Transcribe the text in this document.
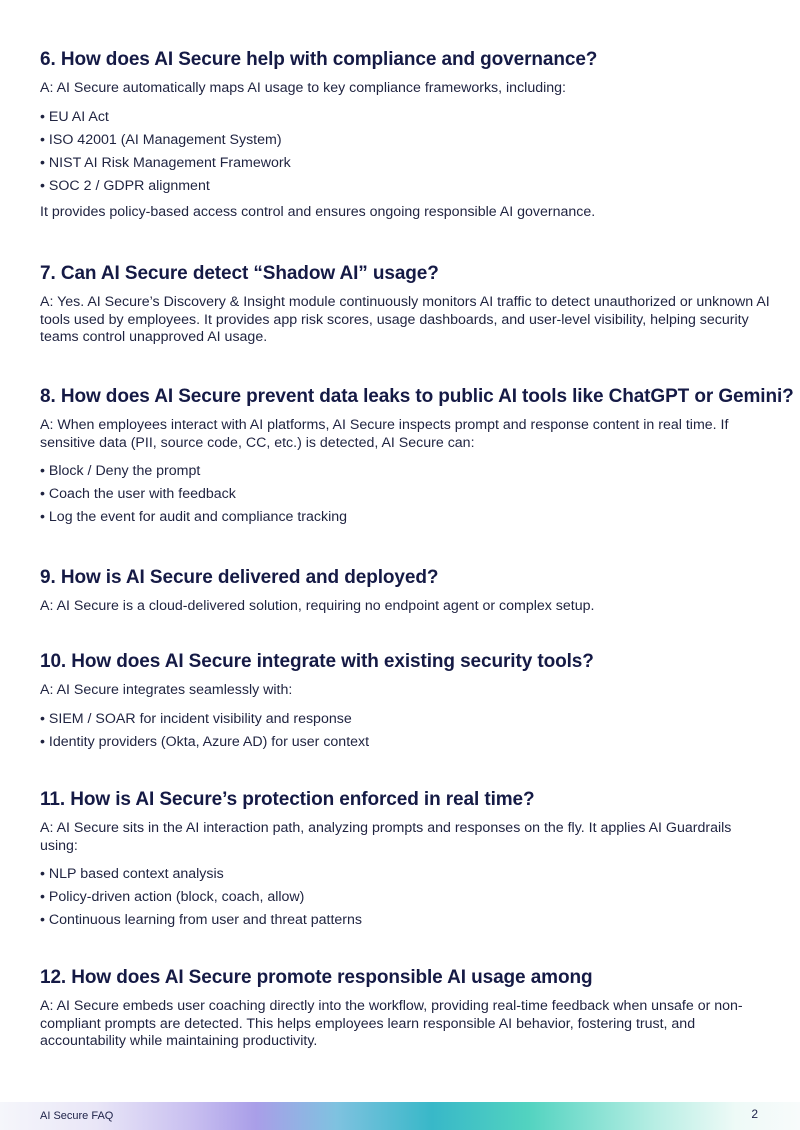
6. How does AI Secure help with compliance and governance?

A: AI Secure automatically maps AI usage to key compliance frameworks, including:

• EU AI Act
• ISO 42001 (AI Management System)
• NIST AI Risk Management Framework
• SOC 2 / GDPR alignment

It provides policy-based access control and ensures ongoing responsible AI governance.

7. Can AI Secure detect “Shadow AI” usage?

A: Yes. AI Secure’s Discovery & Insight module continuously monitors AI traffic to detect unauthorized or unknown AI tools used by employees. It provides app risk scores, usage dashboards, and user-level visibility, helping security teams control unapproved AI usage.

8. How does AI Secure prevent data leaks to public AI tools like ChatGPT or Gemini?

A: When employees interact with AI platforms, AI Secure inspects prompt and response content in real time. If sensitive data (PII, source code, CC, etc.) is detected, AI Secure can:

• Block / Deny the prompt
• Coach the user with feedback
• Log the event for audit and compliance tracking
9. How is AI Secure delivered and deployed?

A: AI Secure is a cloud-delivered solution, requiring no endpoint agent or complex setup.

10. How does AI Secure integrate with existing security tools?

A: AI Secure integrates seamlessly with:

• SIEM / SOAR for incident visibility and response
• Identity providers (Okta, Azure AD) for user context
11. How is AI Secure’s protection enforced in real time?

A: AI Secure sits in the AI interaction path, analyzing prompts and responses on the fly. It applies AI Guardrails using:

• NLP based context analysis
• Policy-driven action (block, coach, allow)
• Continuous learning from user and threat patterns
12. How does AI Secure promote responsible AI usage among

A: AI Secure embeds user coaching directly into the workflow, providing real-time feedback when unsafe or non-compliant prompts are detected. This helps employees learn responsible AI behavior, fostering trust, and accountability while maintaining productivity.

AI Secure FAQ	2
